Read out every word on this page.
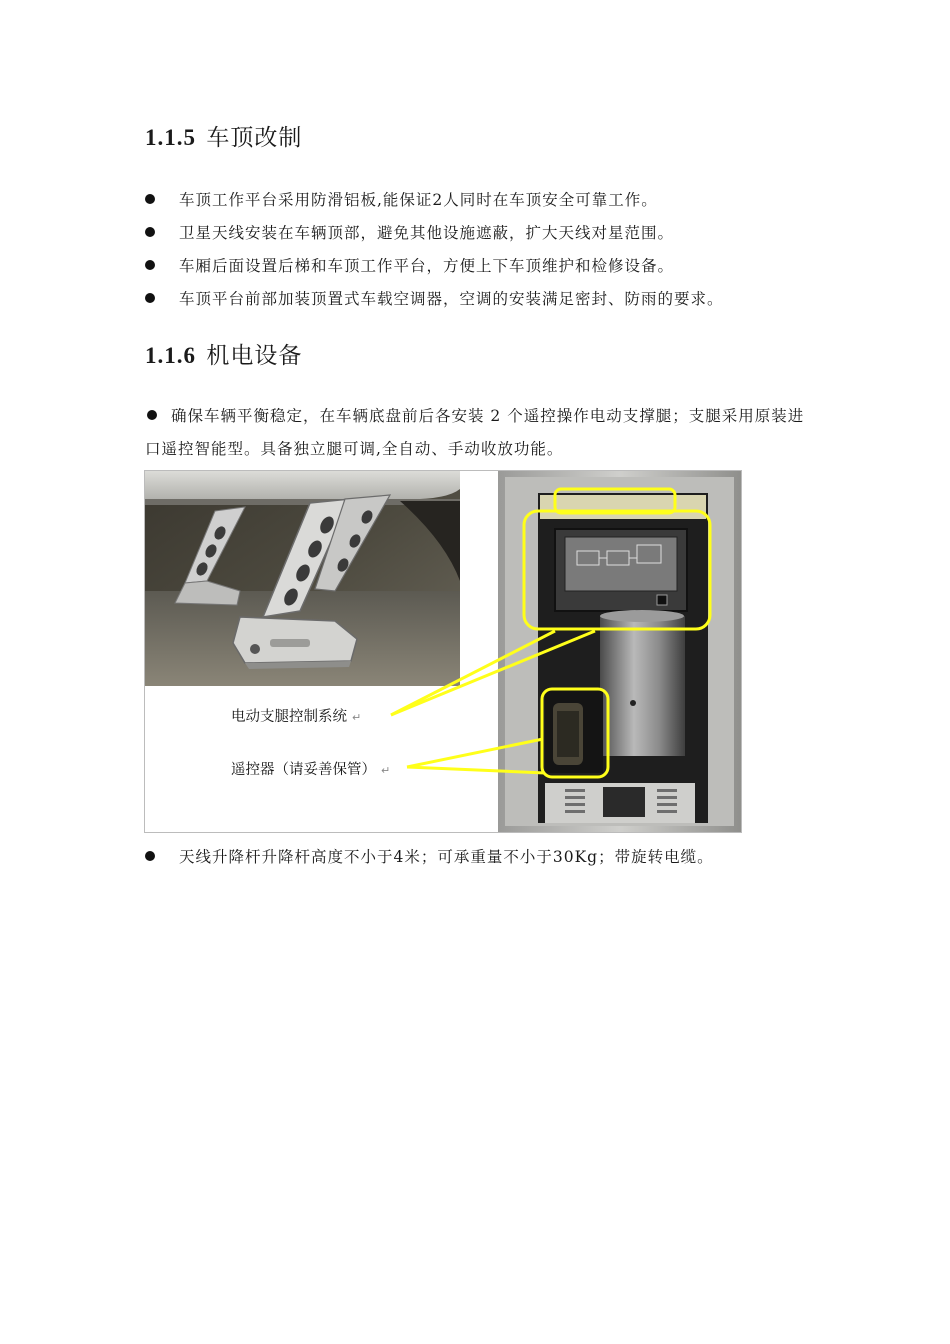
1.1.5 车顶改制
车顶工作平台采用防滑铝板,能保证2人同时在车顶安全可靠工作。
卫星天线安装在车辆顶部，避免其他设施遮蔽，扩大天线对星范围。
车厢后面设置后梯和车顶工作平台，方便上下车顶维护和检修设备。
车顶平台前部加装顶置式车载空调器，空调的安装满足密封、防雨的要求。
1.1.6 机电设备
确保车辆平衡稳定，在车辆底盘前后各安装 2 个遥控操作电动支撑腿；支腿采用原装进口遥控智能型。具备独立腿可调,全自动、手动收放功能。
电动支腿控制系统 ↵
遥控器（请妥善保管） ↵
天线升降杆升降杆高度不小于4米；可承重量不小于30Kg；带旋转电缆。
